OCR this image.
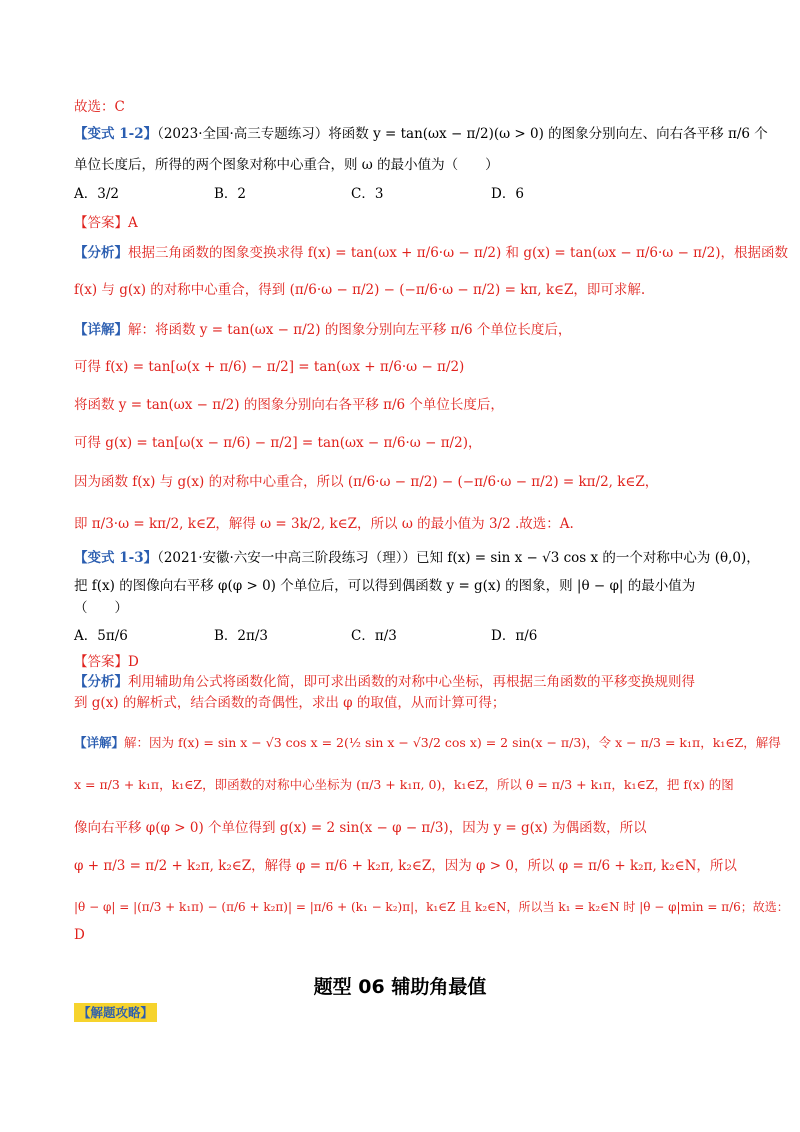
故选：C
【变式 1-2】（2023·全国·高三专题练习）将函数 y = tan(ωx − π/2)(ω > 0) 的图象分别向左、向右各平移 π/6 个
单位长度后，所得的两个图象对称中心重合，则 ω 的最小值为（　　）
A．3/2	B．2	C．3	D．6
【答案】A
【分析】根据三角函数的图象变换求得 f(x) = tan(ωx + π/6·ω − π/2) 和 g(x) = tan(ωx − π/6·ω − π/2)，根据函数
f(x) 与 g(x) 的对称中心重合，得到 (π/6·ω − π/2) − (−π/6·ω − π/2) = kπ, k∈Z，即可求解.
【详解】解：将函数 y = tan(ωx − π/2) 的图象分别向左平移 π/6 个单位长度后，
可得 f(x) = tan[ω(x + π/6) − π/2] = tan(ωx + π/6·ω − π/2)
将函数 y = tan(ωx − π/2) 的图象分别向右各平移 π/6 个单位长度后，
可得 g(x) = tan[ω(x − π/6) − π/2] = tan(ωx − π/6·ω − π/2)，
因为函数 f(x) 与 g(x) 的对称中心重合，所以 (π/6·ω − π/2) − (−π/6·ω − π/2) = kπ/2, k∈Z，
即 π/3·ω = kπ/2, k∈Z，解得 ω = 3k/2, k∈Z，所以 ω 的最小值为 3/2 .故选：A.
【变式 1-3】（2021·安徽·六安一中高三阶段练习（理））已知 f(x) = sin x − √3 cos x 的一个对称中心为 (θ,0)，
把 f(x) 的图像向右平移 φ(φ > 0) 个单位后，可以得到偶函数 y = g(x) 的图象，则 |θ − φ| 的最小值为
（　　）
A．5π/6	B．2π/3	C．π/3	D．π/6
【答案】D
【分析】利用辅助角公式将函数化简，即可求出函数的对称中心坐标，再根据三角函数的平移变换规则得
到 g(x) 的解析式，结合函数的奇偶性，求出 φ 的取值，从而计算可得；
【详解】解：因为 f(x) = sin x − √3 cos x = 2(½ sin x − √3/2 cos x) = 2 sin(x − π/3)，令 x − π/3 = k₁π，k₁∈Z，解得
x = π/3 + k₁π，k₁∈Z，即函数的对称中心坐标为 (π/3 + k₁π, 0)，k₁∈Z，所以 θ = π/3 + k₁π，k₁∈Z，把 f(x) 的图
像向右平移 φ(φ > 0) 个单位得到 g(x) = 2 sin(x − φ − π/3)，因为 y = g(x) 为偶函数，所以
φ + π/3 = π/2 + k₂π, k₂∈Z，解得 φ = π/6 + k₂π, k₂∈Z，因为 φ > 0，所以 φ = π/6 + k₂π, k₂∈N，所以
|θ − φ| = |(π/3 + k₁π) − (π/6 + k₂π)| = |π/6 + (k₁ − k₂)π|，k₁∈Z 且 k₂∈N，所以当 k₁ = k₂∈N 时 |θ − φ|min = π/6；故选：
D
题型 06 辅助角最值
【解题攻略】
